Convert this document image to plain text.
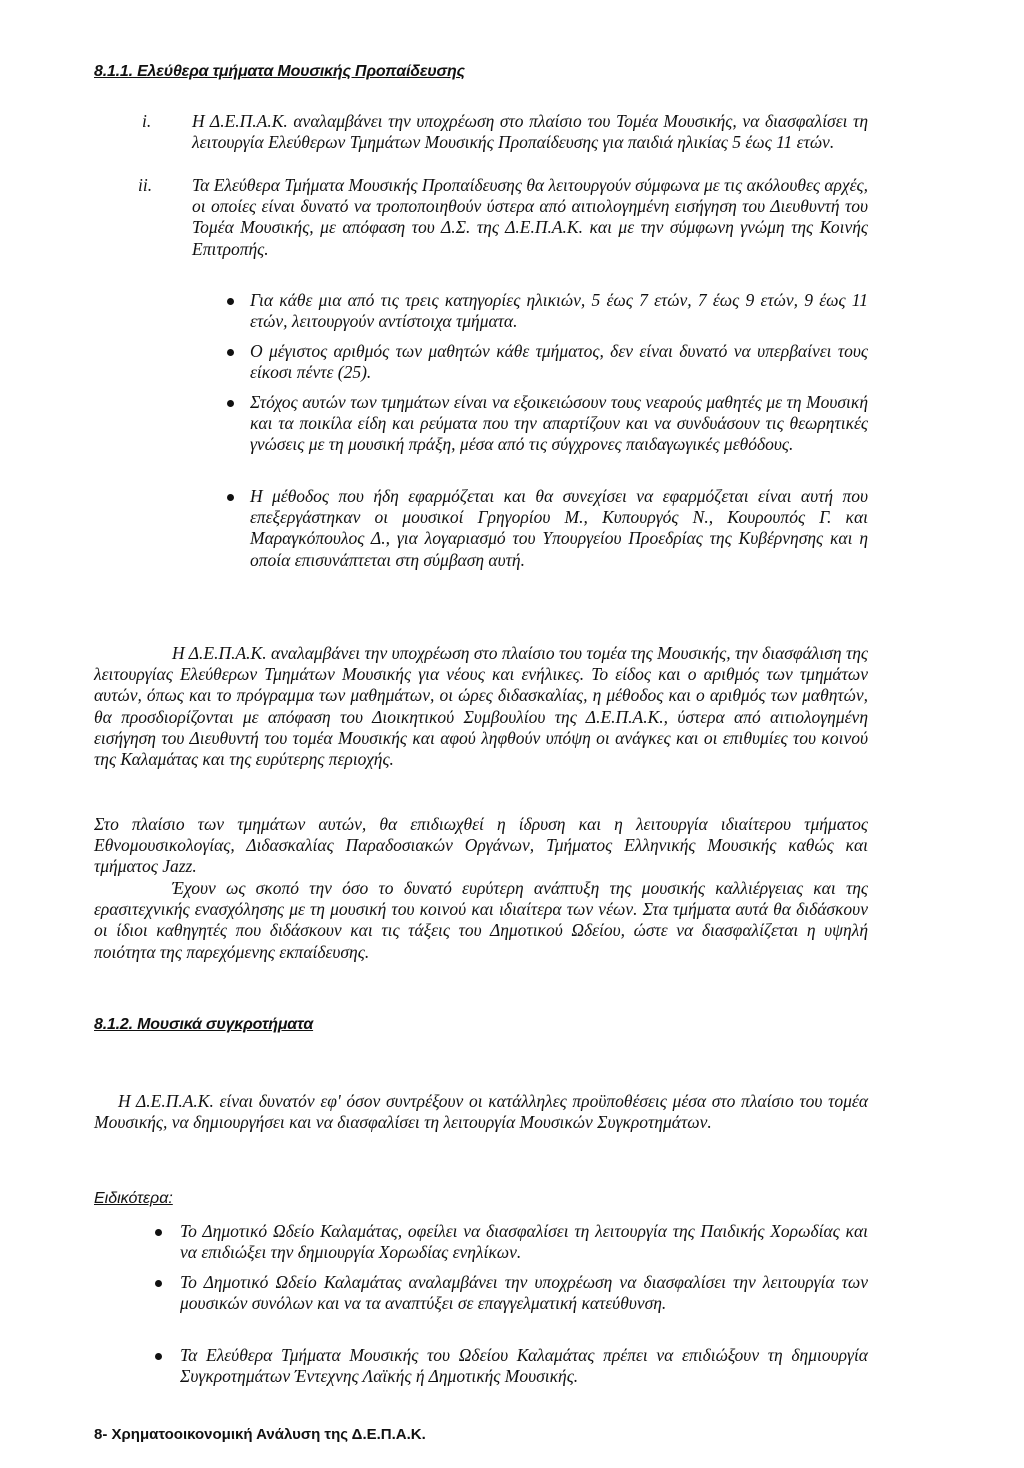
8.1.1. Ελεύθερα τμήματα Μουσικής Προπαίδευσης
i. Η Δ.Ε.Π.Α.Κ. αναλαμβάνει την υποχρέωση στο πλαίσιο του Τομέα Μουσικής, να διασφαλίσει τη λειτουργία Ελεύθερων Τμημάτων Μουσικής Προπαίδευσης για παιδιά ηλικίας 5 έως 11 ετών.
ii. Τα Ελεύθερα Τμήματα Μουσικής Προπαίδευσης θα λειτουργούν σύμφωνα με τις ακόλουθες αρχές, οι οποίες είναι δυνατό να τροποποιηθούν ύστερα από αιτιολογημένη εισήγηση του Διευθυντή του Τομέα Μουσικής, με απόφαση του Δ.Σ. της Δ.Ε.Π.Α.Κ. και με την σύμφωνη γνώμη της Κοινής Επιτροπής.
Για κάθε μια από τις τρεις κατηγορίες ηλικιών, 5 έως 7 ετών, 7 έως 9 ετών, 9 έως 11 ετών, λειτουργούν αντίστοιχα τμήματα.
Ο μέγιστος αριθμός των μαθητών κάθε τμήματος, δεν είναι δυνατό να υπερβαίνει τους είκοσι πέντε (25).
Στόχος αυτών των τμημάτων είναι να εξοικειώσουν τους νεαρούς μαθητές με τη Μουσική και τα ποικίλα είδη και ρεύματα που την απαρτίζουν και να συνδυάσουν τις θεωρητικές γνώσεις με τη μουσική πράξη, μέσα από τις σύγχρονες παιδαγωγικές μεθόδους.
Η μέθοδος που ήδη εφαρμόζεται και θα συνεχίσει να εφαρμόζεται είναι αυτή που επεξεργάστηκαν οι μουσικοί Γρηγορίου Μ., Κυπουργός Ν., Κουρουπός Γ. και Μαραγκόπουλος Δ., για λογαριασμό του Υπουργείου Προεδρίας της Κυβέρνησης και η οποία επισυνάπτεται στη σύμβαση αυτή.
Η Δ.Ε.Π.Α.Κ. αναλαμβάνει την υποχρέωση στο πλαίσιο του τομέα της Μουσικής, την διασφάλιση της λειτουργίας Ελεύθερων Τμημάτων Μουσικής για νέους και ενήλικες. Το είδος και ο αριθμός των τμημάτων αυτών, όπως και το πρόγραμμα των μαθημάτων, οι ώρες διδασκαλίας, η μέθοδος και ο αριθμός των μαθητών, θα προσδιορίζονται με απόφαση του Διοικητικού Συμβουλίου της Δ.Ε.Π.Α.Κ., ύστερα από αιτιολογημένη εισήγηση του Διευθυντή του τομέα Μουσικής και αφού ληφθούν υπόψη οι ανάγκες και οι επιθυμίες του κοινού της Καλαμάτας και της ευρύτερης περιοχής.
Στο πλαίσιο των τμημάτων αυτών, θα επιδιωχθεί η ίδρυση και η λειτουργία ιδιαίτερου τμήματος Εθνομουσικολογίας, Διδασκαλίας Παραδοσιακών Οργάνων, Τμήματος Ελληνικής Μουσικής καθώς και τμήματος Jazz.
Έχουν ως σκοπό την όσο το δυνατό ευρύτερη ανάπτυξη της μουσικής καλλιέργειας και της ερασιτεχνικής ενασχόλησης με τη μουσική του κοινού και ιδιαίτερα των νέων. Στα τμήματα αυτά θα διδάσκουν οι ίδιοι καθηγητές που διδάσκουν και τις τάξεις του Δημοτικού Ωδείου, ώστε να διασφαλίζεται η υψηλή ποιότητα της παρεχόμενης εκπαίδευσης.
8.1.2. Μουσικά συγκροτήματα
Η Δ.Ε.Π.Α.Κ. είναι δυνατόν εφ' όσον συντρέξουν οι κατάλληλες προϋποθέσεις μέσα στο πλαίσιο του τομέα Μουσικής, να δημιουργήσει και να διασφαλίσει τη λειτουργία Μουσικών Συγκροτημάτων.
Ειδικότερα:
Το Δημοτικό Ωδείο Καλαμάτας, οφείλει να διασφαλίσει τη λειτουργία της Παιδικής Χορωδίας και να επιδιώξει την δημιουργία Χορωδίας ενηλίκων.
Το Δημοτικό Ωδείο Καλαμάτας αναλαμβάνει την υποχρέωση να διασφαλίσει την λειτουργία των μουσικών συνόλων και να τα αναπτύξει σε επαγγελματική κατεύθυνση.
Τα Ελεύθερα Τμήματα Μουσικής του Ωδείου Καλαμάτας πρέπει να επιδιώξουν τη δημιουργία Συγκροτημάτων Έντεχνης Λαϊκής ή Δημοτικής Μουσικής.
8- Χρηματοοικονομική Ανάλυση της Δ.Ε.Π.Α.Κ.
